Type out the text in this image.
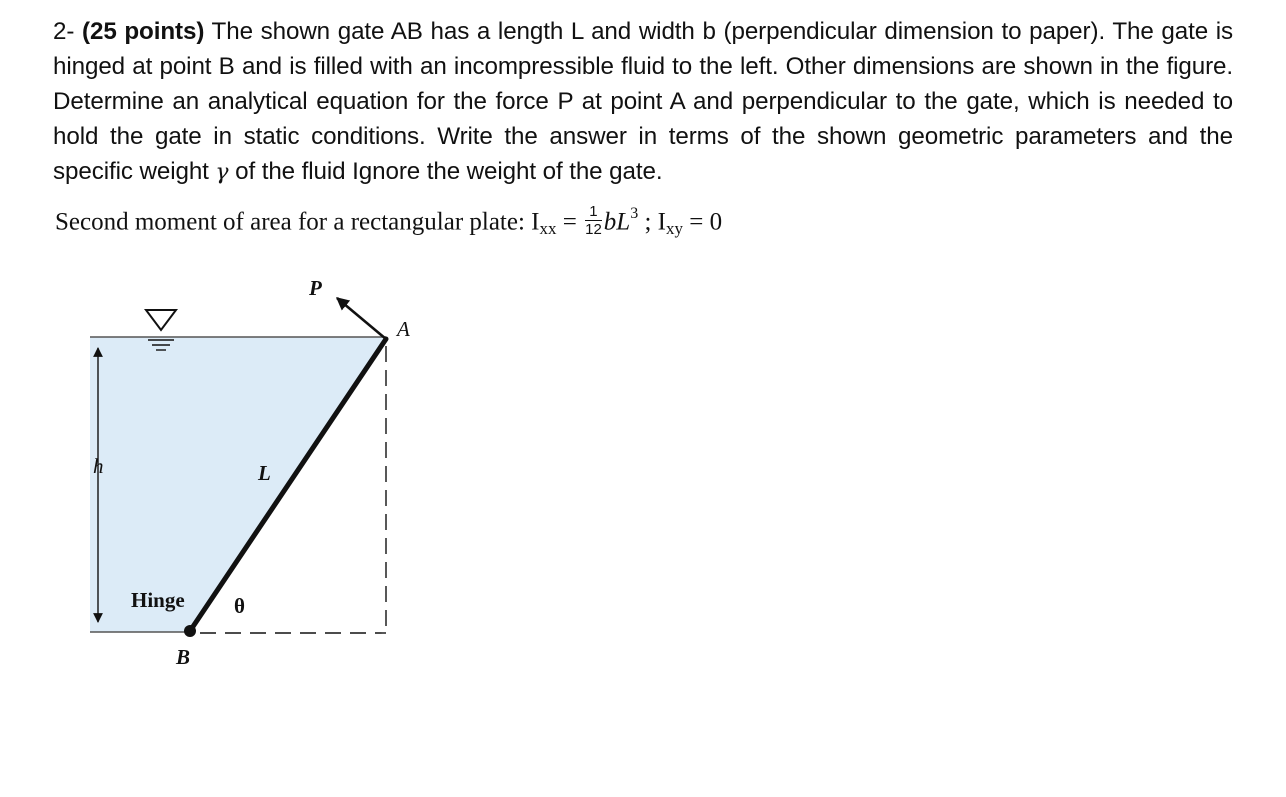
2- (25 points) The shown gate AB has a length L and width b (perpendicular dimension to paper). The gate is hinged at point B and is filled with an incompressible fluid to the left. Other dimensions are shown in the figure. Determine an analytical equation for the force P at point A and perpendicular to the gate, which is needed to hold the gate in static conditions. Write the answer in terms of the shown geometric parameters and the specific weight γ of the fluid Ignore the weight of the gate.
Second moment of area for a rectangular plate: $I_{xx} = \frac{1}{12} bL^3$ ; $I_{xy} = 0$
P
A
h	L
Hinge θ
B
